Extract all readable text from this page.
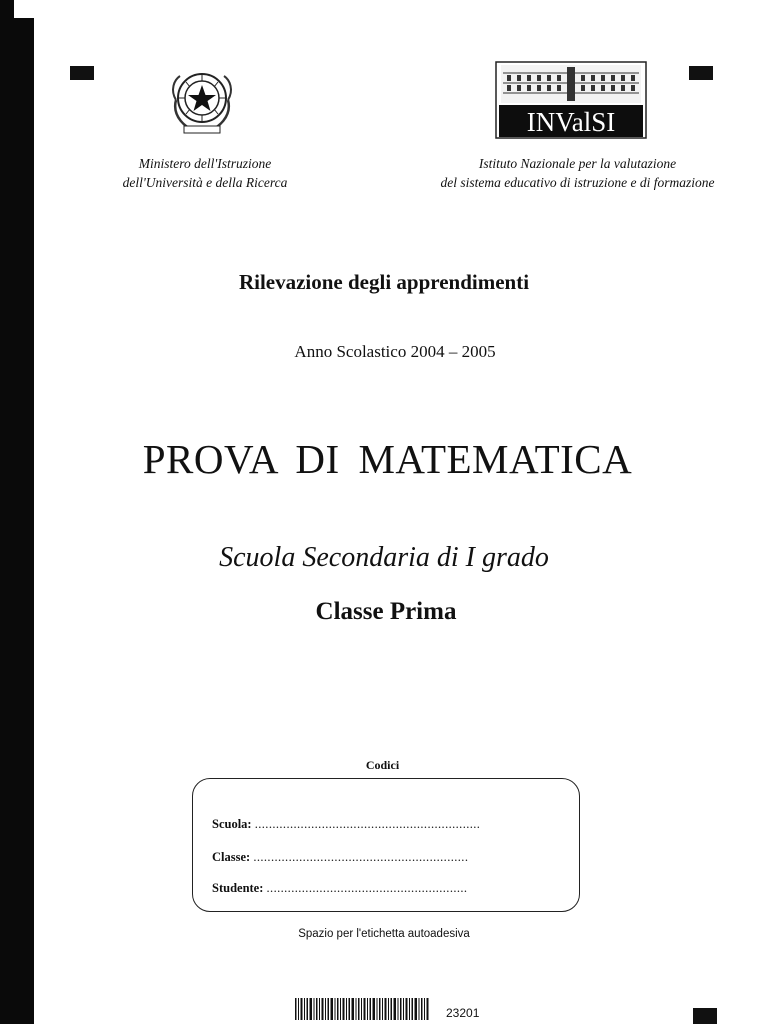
INValSI
Ministero dell'Istruzione
dell'Università e della Ricerca
Istituto Nazionale per la valutazione
del sistema educativo di istruzione e di formazione
Rilevazione degli apprendimenti
Anno Scolastico 2004 – 2005
PROVA DI MATEMATICA
Scuola Secondaria di I grado
Classe Prima
Codici
Scuola: ................................................................
Classe: .............................................................
Studente: .........................................................
Spazio per l'etichetta autoadesiva
23201
